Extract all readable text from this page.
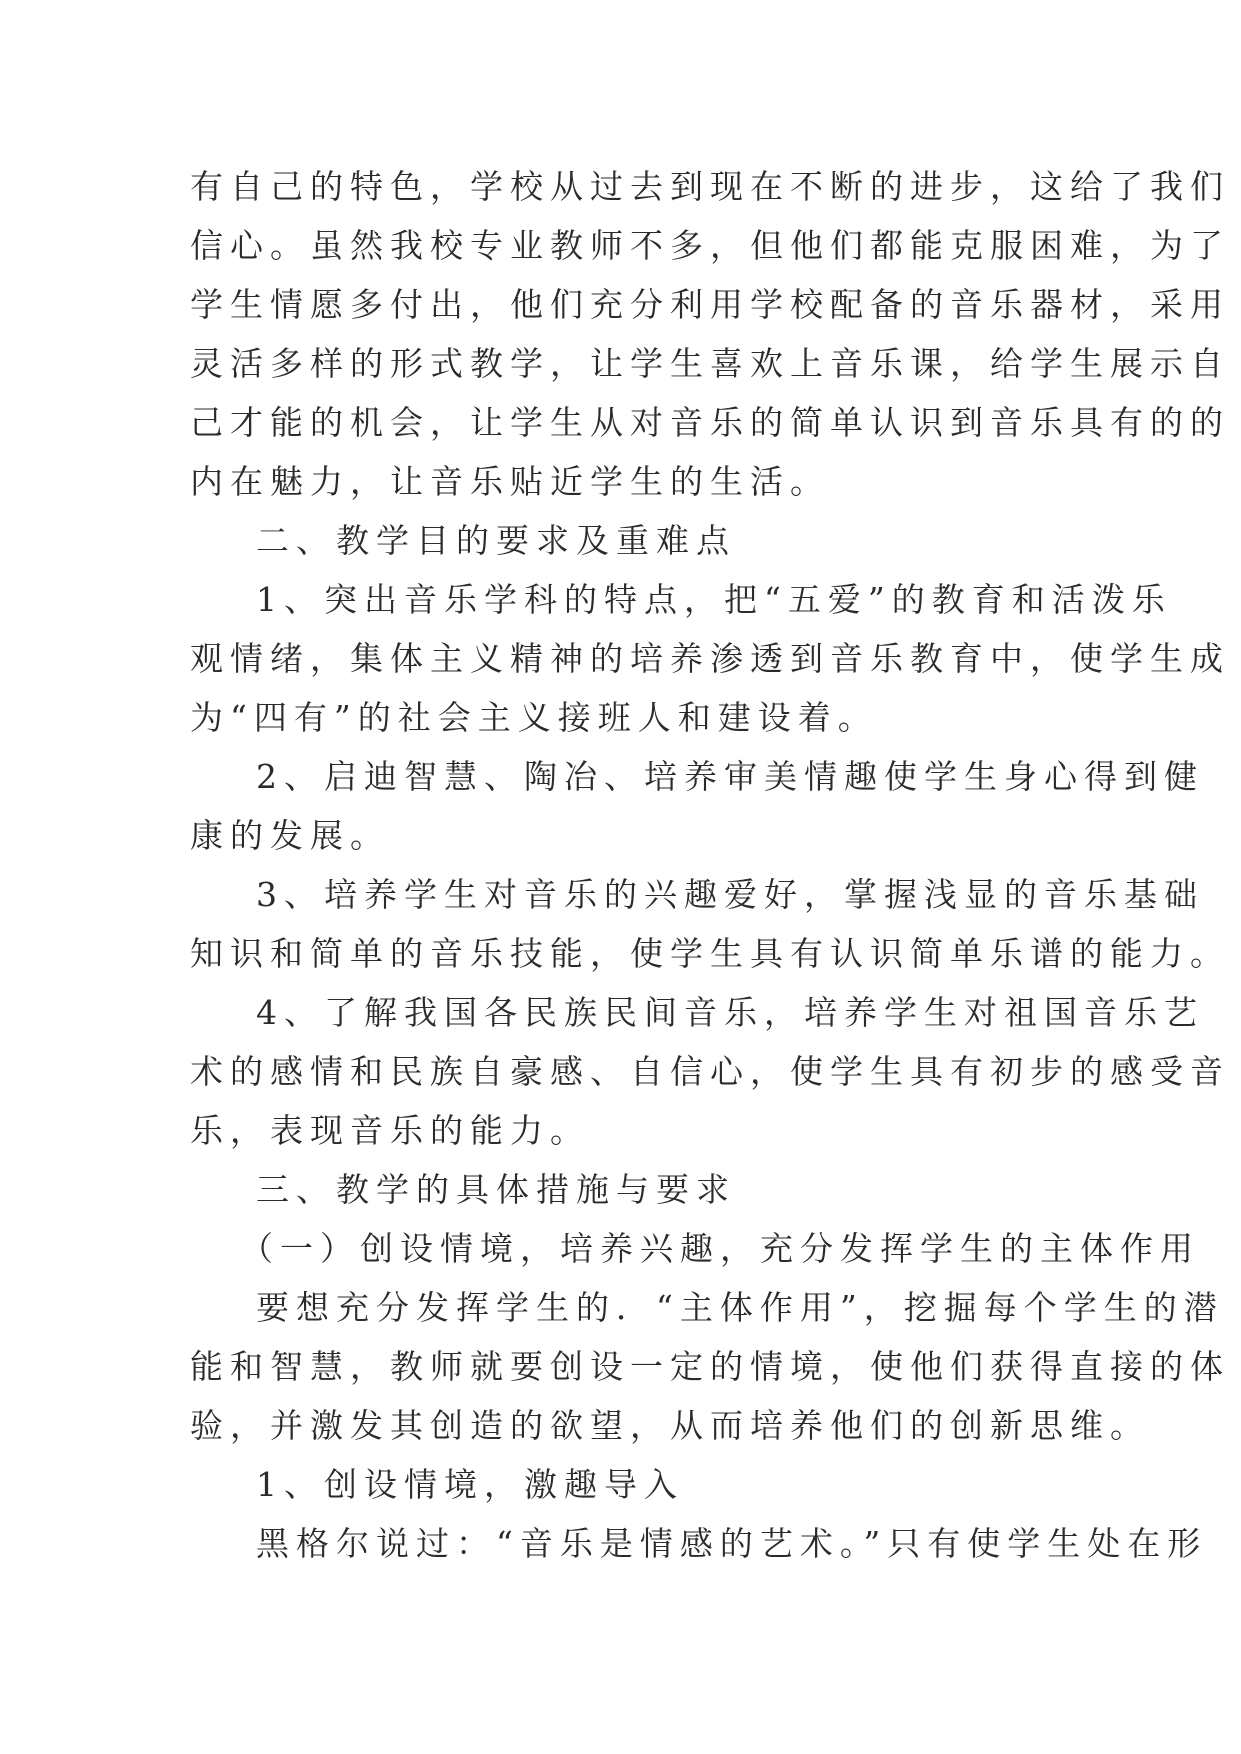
有自己的特色，学校从过去到现在不断的进步，这给了我们
信心。虽然我校专业教师不多，但他们都能克服困难，为了
学生情愿多付出，他们充分利用学校配备的音乐器材，采用
灵活多样的形式教学，让学生喜欢上音乐课，给学生展示自
己才能的机会，让学生从对音乐的简单认识到音乐具有的的
内在魅力，让音乐贴近学生的生活。
二、教学目的要求及重难点
1、突出音乐学科的特点，把“五爱”的教育和活泼乐
观情绪，集体主义精神的培养渗透到音乐教育中，使学生成
为“四有”的社会主义接班人和建设着。
2、启迪智慧、陶冶、培养审美情趣使学生身心得到健
康的发展。
3、培养学生对音乐的兴趣爱好，掌握浅显的音乐基础
知识和简单的音乐技能，使学生具有认识简单乐谱的能力。
4、了解我国各民族民间音乐，培养学生对祖国音乐艺
术的感情和民族自豪感、自信心，使学生具有初步的感受音
乐，表现音乐的能力。
三、教学的具体措施与要求
（一）创设情境，培养兴趣，充分发挥学生的主体作用
要想充分发挥学生的．“主体作用”，挖掘每个学生的潜
能和智慧，教师就要创设一定的情境，使他们获得直接的体
验，并激发其创造的欲望，从而培养他们的创新思维。
1、创设情境，激趣导入
黑格尔说过：“音乐是情感的艺术。”只有使学生处在形
